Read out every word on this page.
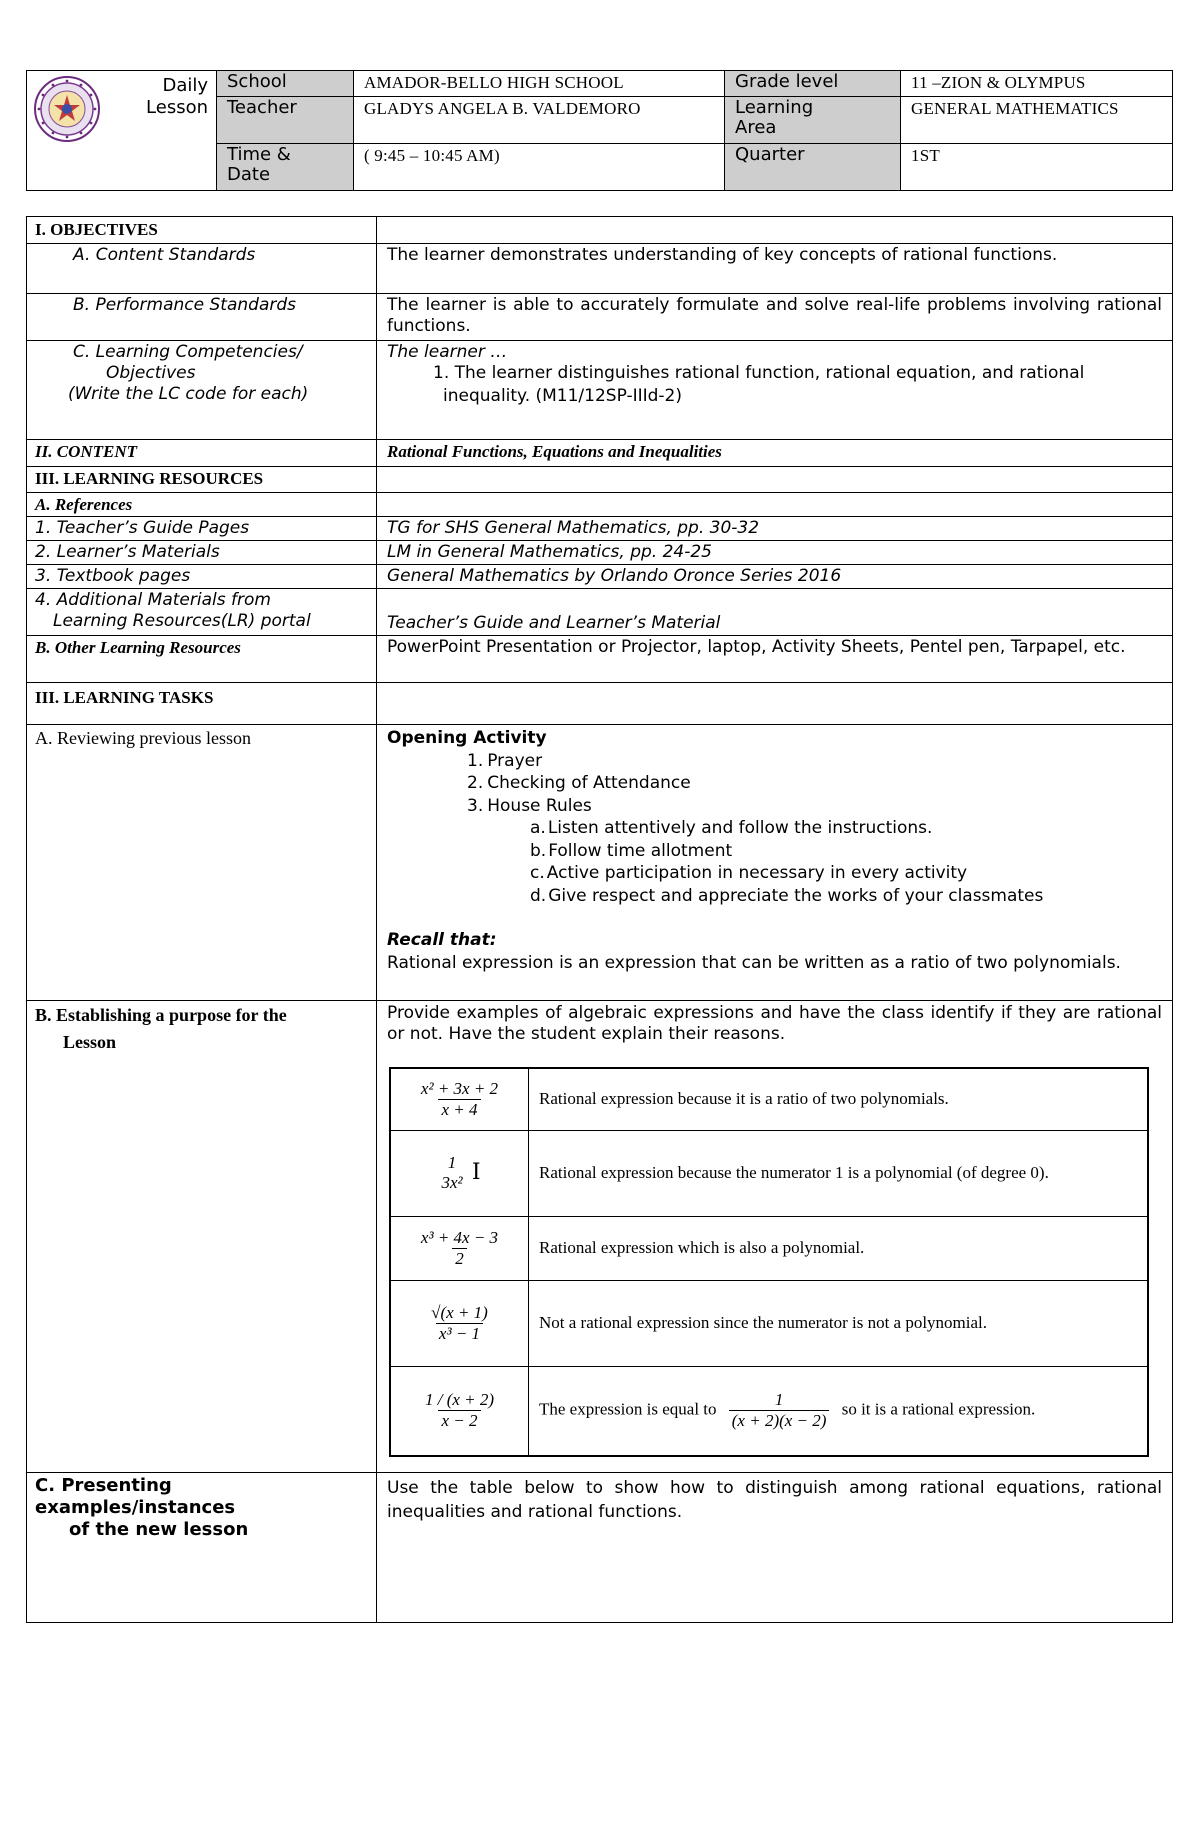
Daily
Lesson	School	AMADOR-BELLO HIGH SCHOOL	Grade level	11 –ZION & OLYMPUS
	Teacher	GLADYS ANGELA B. VALDEMORO	Learning
Area	GENERAL MATHEMATICS

	Time &
Date	( 9:45 – 10:45 AM)	Quarter	1ST
I. OBJECTIVES	
A. Content Standards	The learner demonstrates understanding of key concepts of rational functions.
B. Performance Standards	The learner is able to accurately formulate and solve real-life problems involving rational functions.

C. Learning Competencies/
Objectives
(Write the LC code for each)

The learner …
1. The learner distinguishes rational function, rational equation, and rational
inequality. (M11/12SP-IIId-2)

II. CONTENT	Rational Functions, Equations and Inequalities
III. LEARNING RESOURCES	
A. References	
1. Teacher’s Guide Pages	TG for SHS General Mathematics, pp. 30-32
2. Learner’s Materials	LM in General Mathematics, pp. 24-25
3. Textbook pages	General Mathematics by Orlando Oronce Series 2016

4. Additional Materials from
Learning Resources(LR) portal	Teacher’s Guide and Learner’s Material
B. Other Learning Resources	PowerPoint Presentation or Projector, laptop, Activity Sheets, Pentel pen, Tarpapel, etc.
III. LEARNING TASKS	
A. Reviewing previous lesson	Opening Activity
1. Prayer
2. Checking of Attendance
3. House Rules
a. Listen attentively and follow the instructions.
b. Follow time allotment
c. Active participation in necessary in every activity
d. Give respect and appreciate the works of your classmates
Recall that:
Rational expression is an expression that can be written as a ratio of two polynomials.

B. Establishing a purpose for the
Lesson

Provide examples of algebraic expressions and have the class identify if they are rational or not. Have the student explain their reasons.
$\frac{\text{x² + 3x + 2}}{x + 4}$	Rational expression because it is a ratio of two polynomials.

1
3x² I	Rational expression because the numerator 1 is a polynomial (of degree 0).

$\frac{\text{x³ + 4x − 3}}{2}$	Rational expression which is also a polynomial.

$\frac{√(x + 1)}{\text{x³ − 1}}$	Not a rational expression since the numerator is not a polynomial.

$\frac{1 / (x + 2)}{x - 2}$	The expression is equal to $\frac{1}{(x + 2)(x - 2)}$ so it is a rational expression.

C. Presenting
examples/instances
of the new lesson
	Use the table below to show how to distinguish among rational equations, rational inequalities and rational functions.
